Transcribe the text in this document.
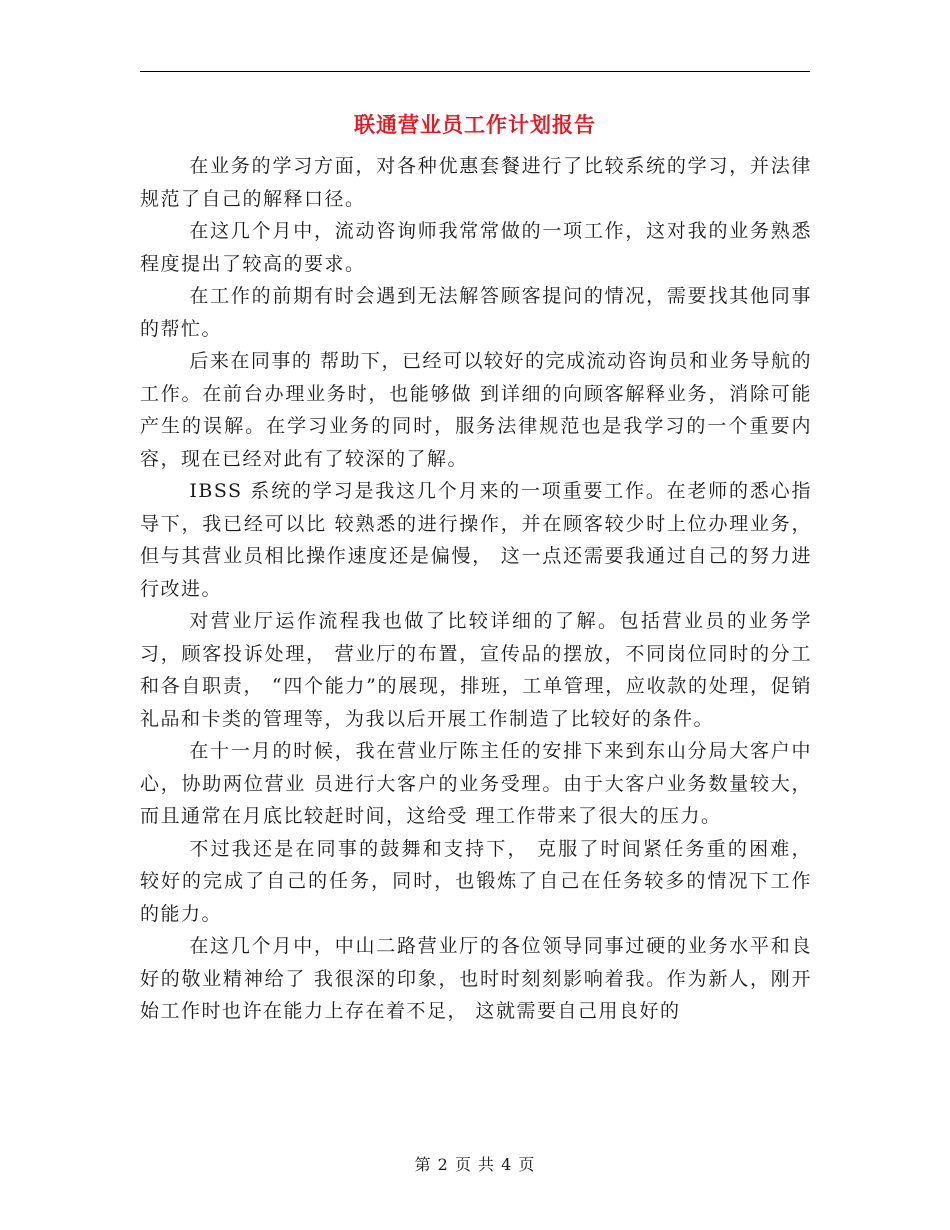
联通营业员工作计划报告

在业务的学习方面，对各种优惠套餐进行了比较系统的学习，并法律规范了自己的解释口径。

在这几个月中，流动咨询师我常常做的一项工作，这对我的业务熟悉程度提出了较高的要求。

在工作的前期有时会遇到无法解答顾客提问的情况，需要找其他同事的帮忙。

后来在同事的 帮助下，已经可以较好的完成流动咨询员和业务导航的工作。在前台办理业务时，也能够做 到详细的向顾客解释业务，消除可能产生的误解。在学习业务的同时，服务法律规范也是我学习的一个重要内容，现在已经对此有了较深的了解。

IBSS 系统的学习是我这几个月来的一项重要工作。在老师的悉心指导下，我已经可以比 较熟悉的进行操作，并在顾客较少时上位办理业务，但与其营业员相比操作速度还是偏慢， 这一点还需要我通过自己的努力进行改进。

对营业厅运作流程我也做了比较详细的了解。包括营业员的业务学习，顾客投诉处理， 营业厅的布置，宣传品的摆放，不同岗位同时的分工和各自职责， “四个能力”的展现，排班，工单管理，应收款的处理，促销礼品和卡类的管理等，为我以后开展工作制造了比较好的条件。

在十一月的时候，我在营业厅陈主任的安排下来到东山分局大客户中心，协助两位营业 员进行大客户的业务受理。由于大客户业务数量较大，而且通常在月底比较赶时间，这给受 理工作带来了很大的压力。

不过我还是在同事的鼓舞和支持下， 克服了时间紧任务重的困难， 较好的完成了自己的任务，同时，也锻炼了自己在任务较多的情况下工作的能力。

在这几个月中，中山二路营业厅的各位领导同事过硬的业务水平和良好的敬业精神给了 我很深的印象，也时时刻刻影响着我。作为新人，刚开始工作时也许在能力上存在着不足， 这就需要自己用良好的

第 2 页 共 4 页
